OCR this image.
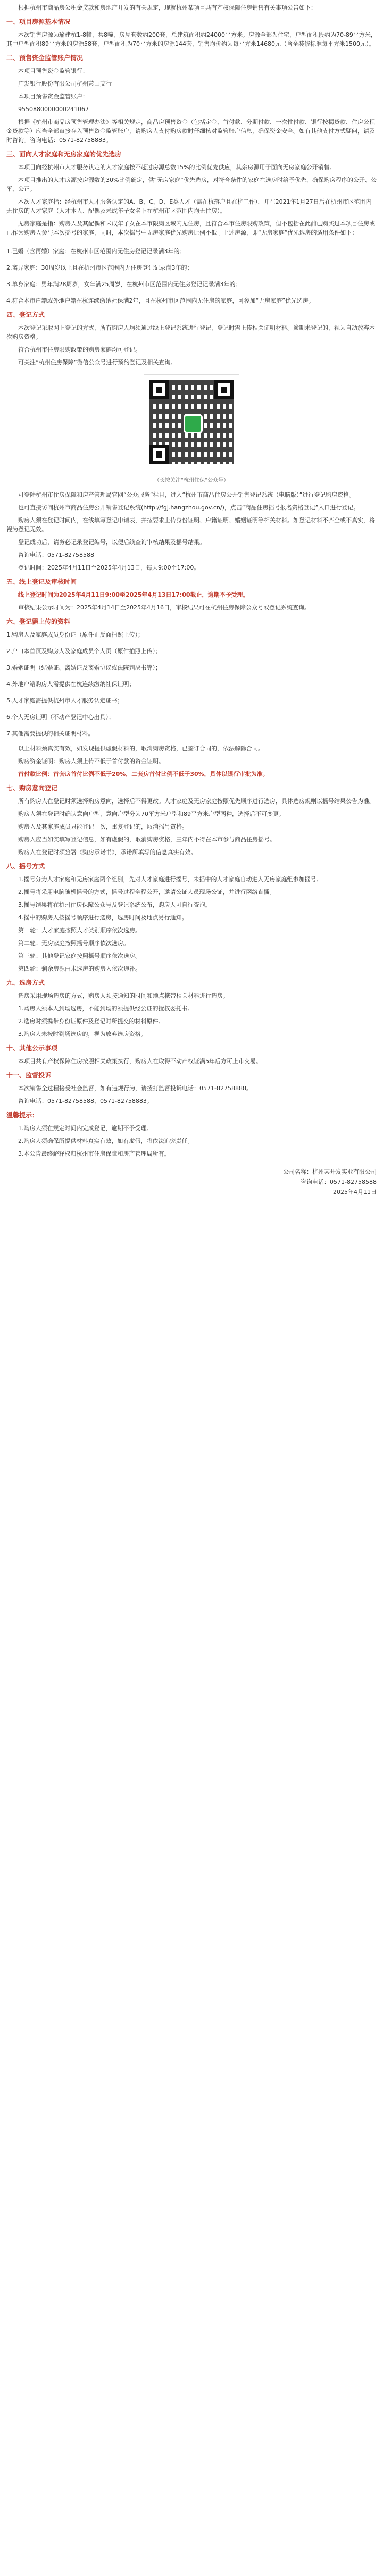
根据杭州市商品房公积金贷款和房地产开发的有关规定，现就杭州某项目共有产权保障住房销售有关事项公告如下：

一、项目房源基本情况

本次销售房源为瑜建杭1-8幢，共8幢，房屋套数约200套，总建筑面积约24000平方米。房源全部为住宅，户型面积段约为70-89平方米，其中户型面积89平方米的房源58套，户型面积为70平方米的房源144套，销售均价约为每平方米14680元（含全装修标准每平方米1500元）。

二、预售资金监管账户情况

本项目预售资金监管银行：

广发银行股份有限公司杭州萧山支行

本项目预售资金监管账户：

9550880000000241067

根据《杭州市商品房预售管理办法》等相关规定，商品房预售资金（包括定金、首付款、分期付款、一次性付款、银行按揭贷款、住房公积金贷款等）应当全部直接存入预售资金监管账户，请购房人支付购房款时仔细核对监管账户信息，确保资金安全。如有其他支付方式疑问，请及时咨询。咨询电话：0571-82758883。

三、面向人才家庭和无房家庭的优先选房

本项目向经杭州市人才服务认定的人才家庭按不超过房源总数15%的比例优先供应，其余房源用于面向无房家庭公开销售。

本项目推出的人才房源按房源数的30%比例确定，供“无房家庭”优先选房，对符合条件的家庭在选房时给予优先，确保购房程序的公开、公平、公正。

本次人才家庭指：经杭州市人才服务认定的A、B、C、D、E类人才（需在杭落户且在杭工作），并在2021年1月27日后在杭州市区范围内无住房的人才家庭（人才本人、配偶及未成年子女名下在杭州市区范围内均无住房）。

无房家庭是指：购房人及其配偶和未成年子女在本市限购区域内无住房，且符合本市住房限购政策，但不包括在此前已购买过本项目住房或已作为购房人参与本次摇号的家庭，同时，本次摇号中无房家庭优先购房比例不低于上述房源，即“无房家庭”优先选房的适用条件如下：

1.已婚（含再婚）家庭：在杭州市区范围内无住房登记记录满3年的；

2.离异家庭：30周岁以上且在杭州市区范围内无住房登记记录满3年的；

3.单身家庭：男年满28周岁，女年满25周岁，在杭州市区范围内无住房登记记录满3年的；

4.符合本市户籍或外地户籍在杭连续缴纳社保满2年，且在杭州市区范围内无住房的家庭，可参加“无房家庭”优先选房。

四、登记方式

本次登记采取网上登记的方式，所有购房人均须通过线上登记系统进行登记，登记时需上传相关证明材料。逾期未登记的，视为自动放弃本次购房资格。

符合杭州市住房限购政策的购房家庭均可登记。

可关注“杭州住房保障”微信公众号进行预约登记及相关查询。

（长按关注“杭州住保”公众号）

可登陆杭州市住房保障和房产管理局官网“公众服务”栏目，进入“杭州市商品住房公开销售登记系统（电脑版）”进行登记购房资格。

也可直接访问杭州市商品住房公开销售登记系统(http://fgj.hangzhou.gov.cn/)，点击“商品住房摇号报名资格登记”入口进行登记。

购房人须在登记时间内，在线填写登记申请表，并按要求上传身份证明、户籍证明、婚姻证明等相关材料。如登记材料不齐全或不真实，将视为登记无效。

登记成功后，请务必记录登记编号，以便后续查询审核结果及摇号结果。

咨询电话：0571-82758588

登记时间：2025年4月11日至2025年4月13日，每天9:00至17:00。

五、线上登记及审核时间

线上登记时间为2025年4月11日9:00至2025年4月13日17:00截止，逾期不予受理。

审核结果公示时间为：2025年4月14日至2025年4月16日，审核结果可在杭州住房保障公众号或登记系统查询。

六、登记需上传的资料

1.购房人及家庭成员身份证（原件正反面拍照上传）；

2.户口本首页及购房人及家庭成员个人页（原件拍照上传）；

3.婚姻证明（结婚证、离婚证及离婚协议或法院判决书等）；

4.外地户籍购房人需提供在杭连续缴纳社保证明；

5.人才家庭需提供杭州市人才服务认定证书；

6.个人无房证明（不动产登记中心出具）；

7.其他需要提供的相关证明材料。

以上材料须真实有效，如发现提供虚假材料的，取消购房资格，已签订合同的，依法解除合同。

购房资金证明：购房人须上传不低于首付款的资金证明。

首付款比例：首套房首付比例不低于20%，二套房首付比例不低于30%，具体以银行审批为准。

七、购房意向登记

所有购房人在登记时须选择购房意向，选择后不得更改。人才家庭及无房家庭按照优先顺序进行选房，具体选房规则以摇号结果公告为准。

购房人须在登记时确认意向户型，意向户型分为70平方米户型和89平方米户型两种，选择后不可变更。

购房人及其家庭成员只能登记一次，重复登记的，取消摇号资格。

购房人应当如实填写登记信息，如有虚假的，取消购房资格，三年内不得在本市参与商品住房摇号。

购房人在登记时须签署《购房承诺书》，承诺所填写的信息真实有效。

八、摇号方式

1.摇号分为人才家庭和无房家庭两个组别，先对人才家庭进行摇号，未摇中的人才家庭自动进入无房家庭组参加摇号。

2.摇号将采用电脑随机摇号的方式，摇号过程全程公开，邀请公证人员现场公证，并进行网络直播。

3.摇号结果将在杭州住房保障公众号及登记系统公布，购房人可自行查询。

4.摇中的购房人按摇号顺序进行选房，选房时间及地点另行通知。

第一轮：人才家庭按照人才类别顺序依次选房。

第二轮：无房家庭按照摇号顺序依次选房。

第三轮：其他登记家庭按照摇号顺序依次选房。

第四轮：剩余房源由未选房的购房人依次递补。

九、选房方式

选房采用现场选房的方式，购房人须按通知的时间和地点携带相关材料进行选房。

1.购房人须本人到场选房，不能到场的须提供经公证的授权委托书。

2.选房时须携带身份证原件及登记时所提交的材料原件。

3.购房人未按时到场选房的，视为放弃选房资格。

十、其他公示事项

本项目共有产权保障住房按照相关政策执行，购房人在取得不动产权证满5年后方可上市交易。

十一、监督投诉

本次销售全过程接受社会监督，如有违规行为，请拨打监督投诉电话：0571-82758888。

咨询电话：0571-82758588、0571-82758883。

温馨提示：

1.购房人须在规定时间内完成登记，逾期不予受理。

2.购房人须确保所提供材料真实有效，如有虚假，将依法追究责任。

3.本公告最终解释权归杭州市住房保障和房产管理局所有。

公司名称：杭州某开发实业有限公司

咨询电话：0571-82758588

2025年4月11日
